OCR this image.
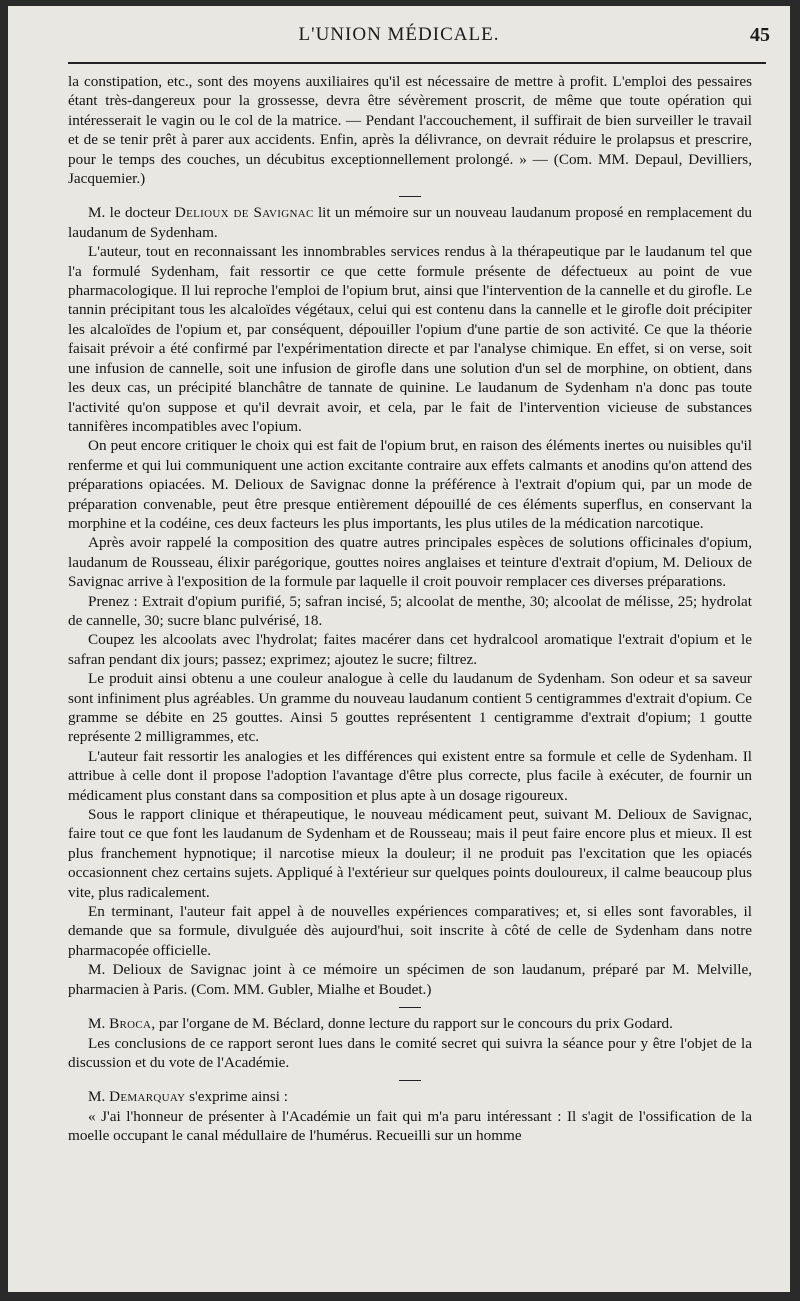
L'UNION MÉDICALE.	45

la constipation, etc., sont des moyens auxiliaires qu'il est nécessaire de mettre à profit. L'emploi des pessaires étant très-dangereux pour la grossesse, devra être sévèrement proscrit, de même que toute opération qui intéresserait le vagin ou le col de la matrice. — Pendant l'accouchement, il suffirait de bien surveiller le travail et de se tenir prêt à parer aux accidents. Enfin, après la délivrance, on devrait réduire le prolapsus et prescrire, pour le temps des couches, un décubitus exceptionnellement prolongé. » — (Com. MM. Depaul, Devilliers, Jacquemier.)

M. le docteur Delioux de Savignac lit un mémoire sur un nouveau laudanum proposé en remplacement du laudanum de Sydenham.

L'auteur, tout en reconnaissant les innombrables services rendus à la thérapeutique par le laudanum tel que l'a formulé Sydenham, fait ressortir ce que cette formule présente de défectueux au point de vue pharmacologique. Il lui reproche l'emploi de l'opium brut, ainsi que l'intervention de la cannelle et du girofle. Le tannin précipitant tous les alcaloïdes végétaux, celui qui est contenu dans la cannelle et le girofle doit précipiter les alcaloïdes de l'opium et, par conséquent, dépouiller l'opium d'une partie de son activité. Ce que la théorie faisait prévoir a été confirmé par l'expérimentation directe et par l'analyse chimique. En effet, si on verse, soit une infusion de cannelle, soit une infusion de girofle dans une solution d'un sel de morphine, on obtient, dans les deux cas, un précipité blanchâtre de tannate de quinine. Le laudanum de Sydenham n'a donc pas toute l'activité qu'on suppose et qu'il devrait avoir, et cela, par le fait de l'intervention vicieuse de substances tannifères incompatibles avec l'opium.

On peut encore critiquer le choix qui est fait de l'opium brut, en raison des éléments inertes ou nuisibles qu'il renferme et qui lui communiquent une action excitante contraire aux effets calmants et anodins qu'on attend des préparations opiacées. M. Delioux de Savignac donne la préférence à l'extrait d'opium qui, par un mode de préparation convenable, peut être presque entièrement dépouillé de ces éléments superflus, en conservant la morphine et la codéine, ces deux facteurs les plus importants, les plus utiles de la médication narcotique.

Après avoir rappelé la composition des quatre autres principales espèces de solutions officinales d'opium, laudanum de Rousseau, élixir parégorique, gouttes noires anglaises et teinture d'extrait d'opium, M. Delioux de Savignac arrive à l'exposition de la formule par laquelle il croit pouvoir remplacer ces diverses préparations.

Prenez : Extrait d'opium purifié, 5; safran incisé, 5; alcoolat de menthe, 30; alcoolat de mélisse, 25; hydrolat de cannelle, 30; sucre blanc pulvérisé, 18.

Coupez les alcoolats avec l'hydrolat; faites macérer dans cet hydralcool aromatique l'extrait d'opium et le safran pendant dix jours; passez; exprimez; ajoutez le sucre; filtrez.

Le produit ainsi obtenu a une couleur analogue à celle du laudanum de Sydenham. Son odeur et sa saveur sont infiniment plus agréables. Un gramme du nouveau laudanum contient 5 centigrammes d'extrait d'opium. Ce gramme se débite en 25 gouttes. Ainsi 5 gouttes représentent 1 centigramme d'extrait d'opium; 1 goutte représente 2 milligrammes, etc.

L'auteur fait ressortir les analogies et les différences qui existent entre sa formule et celle de Sydenham. Il attribue à celle dont il propose l'adoption l'avantage d'être plus correcte, plus facile à exécuter, de fournir un médicament plus constant dans sa composition et plus apte à un dosage rigoureux.

Sous le rapport clinique et thérapeutique, le nouveau médicament peut, suivant M. Delioux de Savignac, faire tout ce que font les laudanum de Sydenham et de Rousseau; mais il peut faire encore plus et mieux. Il est plus franchement hypnotique; il narcotise mieux la douleur; il ne produit pas l'excitation que les opiacés occasionnent chez certains sujets. Appliqué à l'extérieur sur quelques points douloureux, il calme beaucoup plus vite, plus radicalement.

En terminant, l'auteur fait appel à de nouvelles expériences comparatives; et, si elles sont favorables, il demande que sa formule, divulguée dès aujourd'hui, soit inscrite à côté de celle de Sydenham dans notre pharmacopée officielle.

M. Delioux de Savignac joint à ce mémoire un spécimen de son laudanum, préparé par M. Melville, pharmacien à Paris. (Com. MM. Gubler, Mialhe et Boudet.)

M. Broca, par l'organe de M. Béclard, donne lecture du rapport sur le concours du prix Godard.

Les conclusions de ce rapport seront lues dans le comité secret qui suivra la séance pour y être l'objet de la discussion et du vote de l'Académie.

M. Demarquay s'exprime ainsi :

« J'ai l'honneur de présenter à l'Académie un fait qui m'a paru intéressant : Il s'agit de l'ossification de la moelle occupant le canal médullaire de l'humérus. Recueilli sur un homme
